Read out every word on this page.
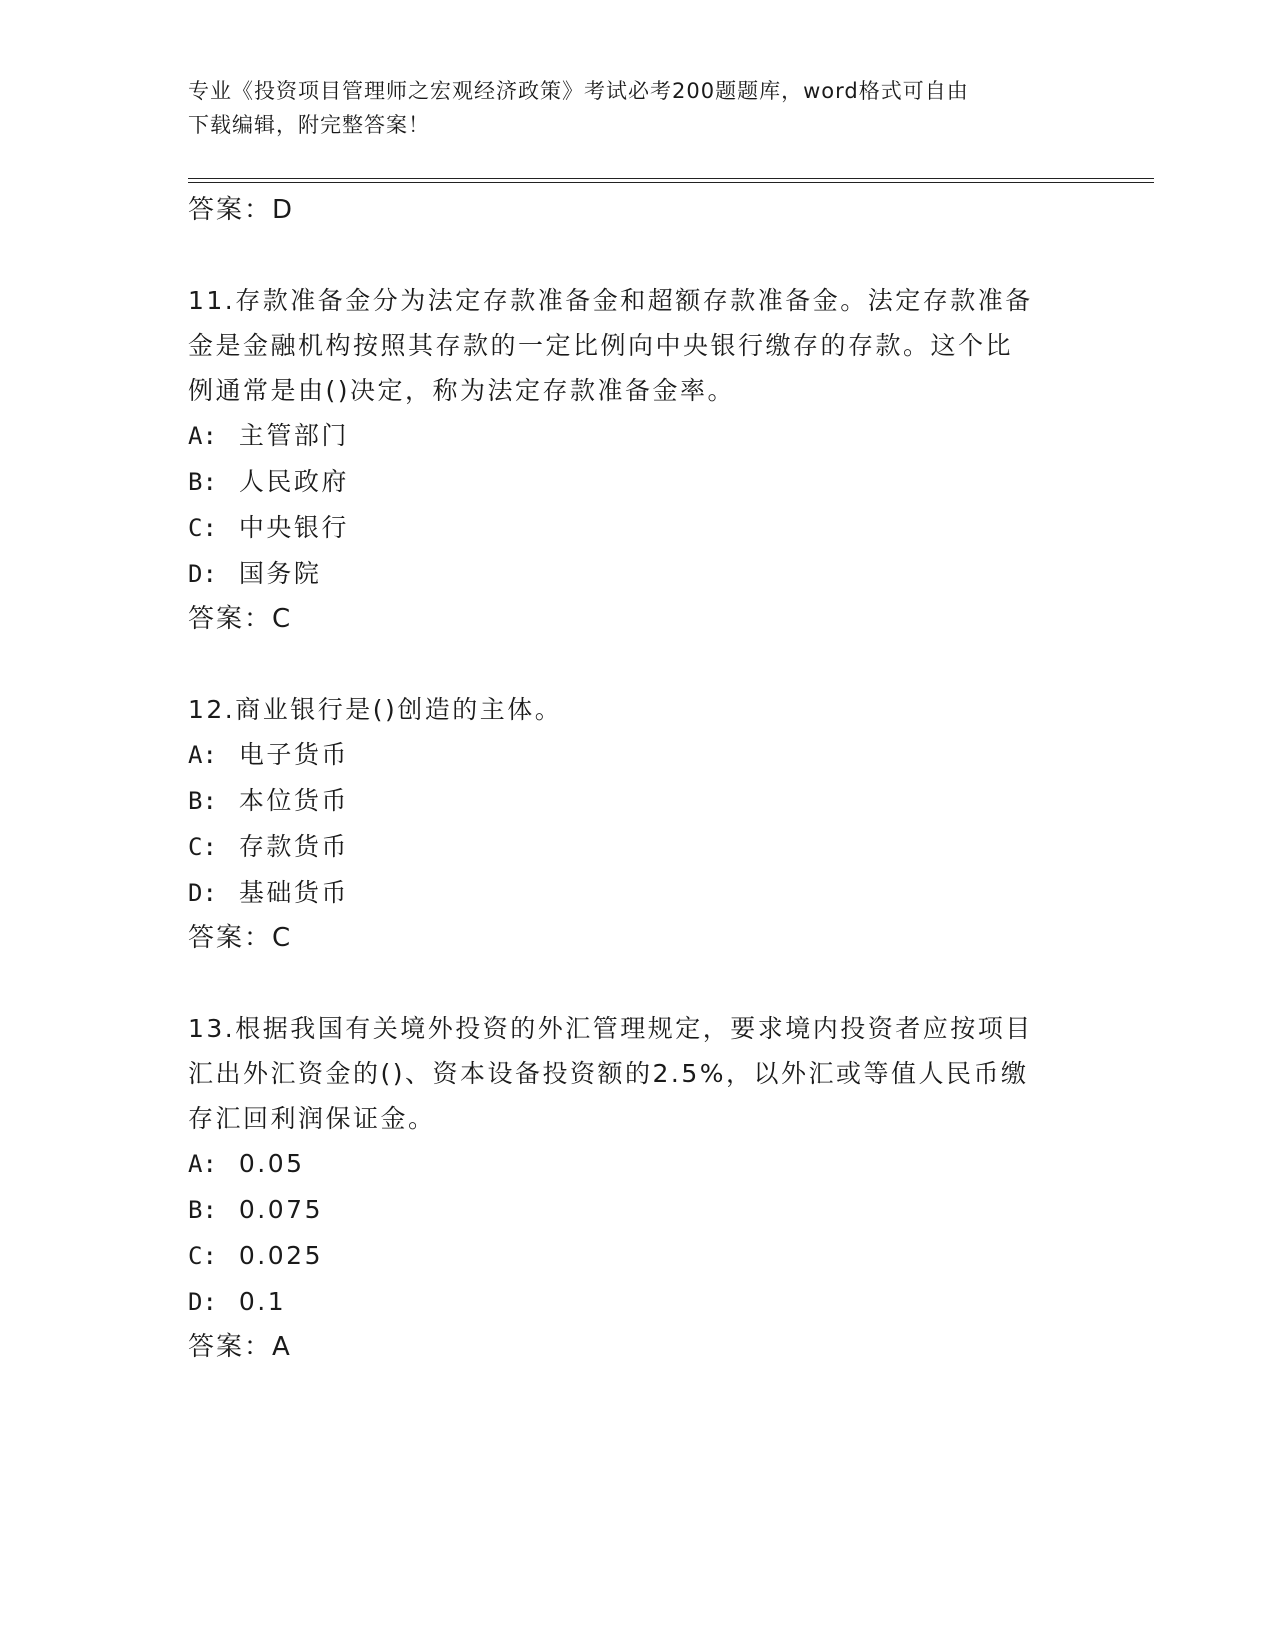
专业《投资项目管理师之宏观经济政策》考试必考200题题库，word格式可自由
下载编辑，附完整答案！
答案：D
11.存款准备金分为法定存款准备金和超额存款准备金。法定存款准备
金是金融机构按照其存款的一定比例向中央银行缴存的存款。这个比
例通常是由()决定，称为法定存款准备金率。
A: 主管部门
B: 人民政府
C: 中央银行
D: 国务院
答案：C
12.商业银行是()创造的主体。
A: 电子货币
B: 本位货币
C: 存款货币
D: 基础货币
答案：C
13.根据我国有关境外投资的外汇管理规定，要求境内投资者应按项目
汇出外汇资金的()、资本设备投资额的2.5%，以外汇或等值人民币缴
存汇回利润保证金。
A: 0.05
B: 0.075
C: 0.025
D: 0.1
答案：A
